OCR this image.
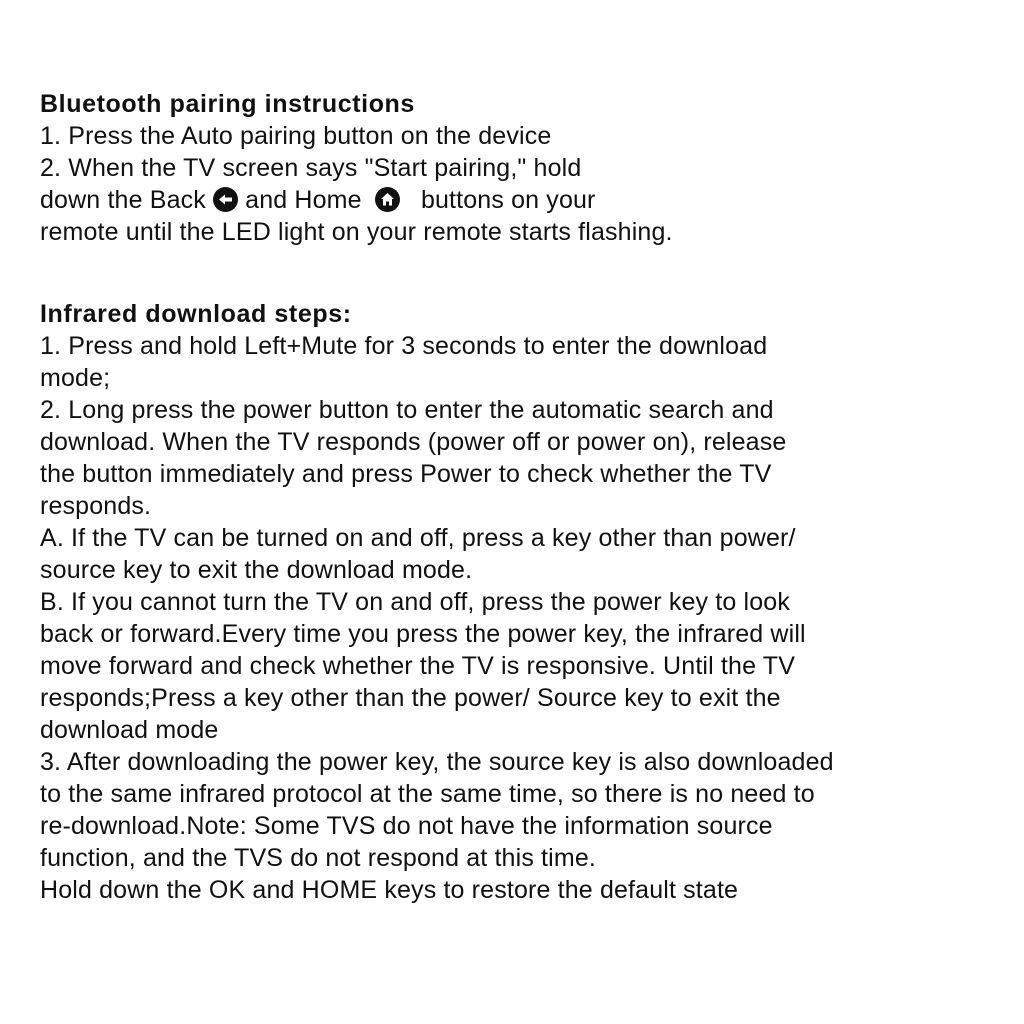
Bluetooth pairing instructions
1. Press the Auto pairing button on the device
2. When the TV screen says "Start pairing," hold
down the Back
and Home buttons on your
remote until the LED light on your remote starts flashing.
Infrared download steps:
1. Press and hold Left+Mute for 3 seconds to enter the download
mode;
2. Long press the power button to enter the automatic search and
download. When the TV responds (power off or power on), release
the button immediately and press Power to check whether the TV
responds.
A. If the TV can be turned on and off, press a key other than power/
source key to exit the download mode.
B. If you cannot turn the TV on and off, press the power key to look
back or forward.Every time you press the power key, the infrared will
move forward and check whether the TV is responsive. Until the TV
responds;Press a key other than the power/ Source key to exit the
download mode
3. After downloading the power key, the source key is also downloaded
to the same infrared protocol at the same time, so there is no need to
re-download.Note: Some TVS do not have the information source
function, and the TVS do not respond at this time.
Hold down the OK and HOME keys to restore the default state
